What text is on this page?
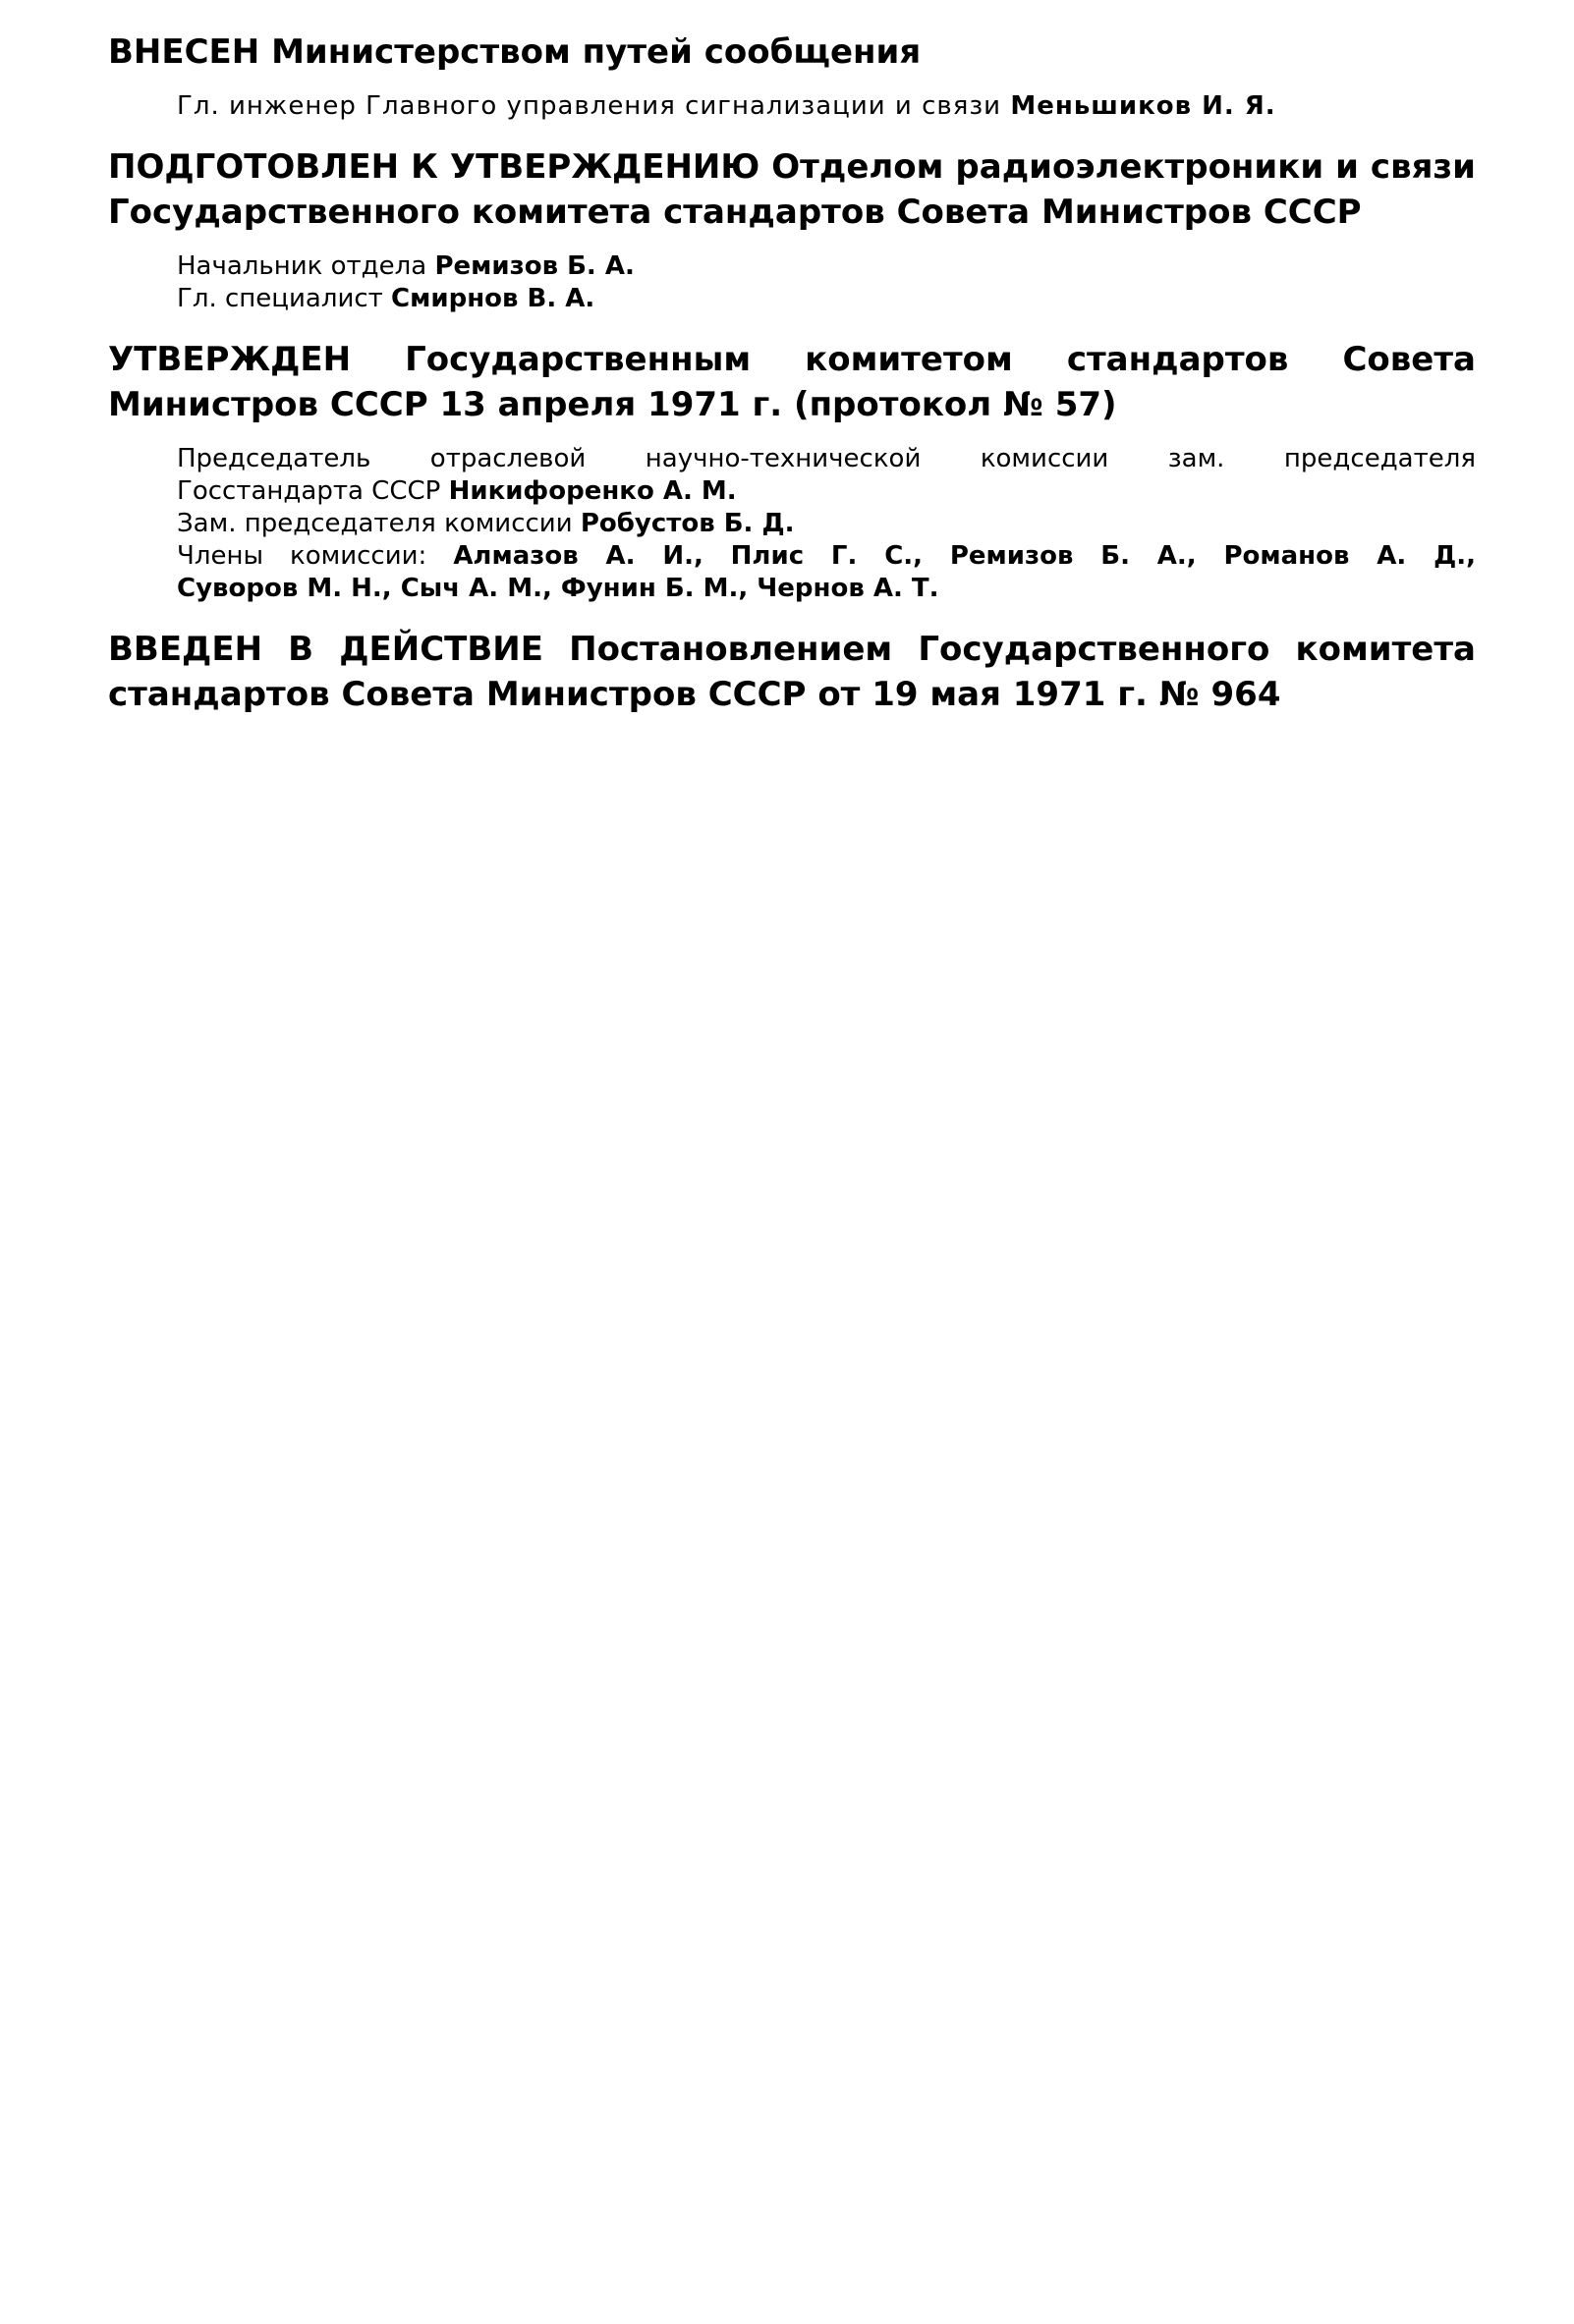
ВНЕСЕН Министерством путей сообщения

Гл. инженер Главного управления сигнализации и связи Меньшиков И. Я.

ПОДГОТОВЛЕН К УТВЕРЖДЕНИЮ Отделом радиоэлектроники и связи Государственного комитета стандартов Совета Министров СССР

Начальник отдела Ремизов Б. А.
Гл. специалист Смирнов В. А.

УТВЕРЖДЕН Государственным комитетом стандартов Совета Министров СССР 13 апреля 1971 г. (протокол № 57)

Председатель отраслевой научно-технической комиссии зам. председателя
Госстандарта СССР Никифоренко А. М.
Зам. председателя комиссии Робустов Б. Д.
Члены комиссии: Алмазов А. И., Плис Г. С., Ремизов Б. А., Романов А. Д.,
Суворов М. Н., Сыч А. М., Фунин Б. М., Чернов А. Т.

ВВЕДЕН В ДЕЙСТВИЕ Постановлением Государственного комитета стандартов Совета Министров СССР от 19 мая 1971 г. № 964
